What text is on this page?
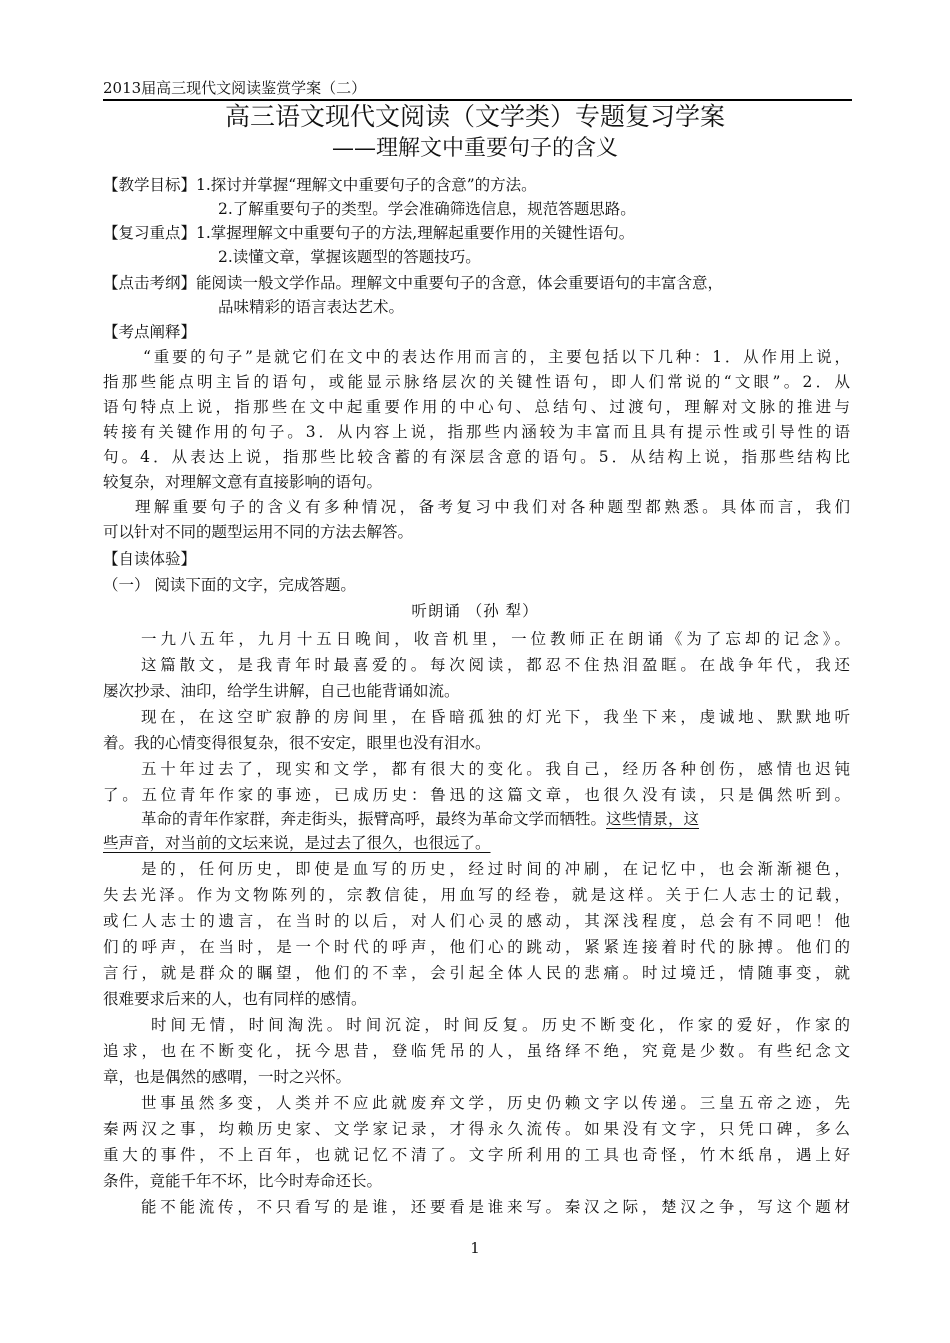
2013届高三现代文阅读鉴赏学案（二）
高三语文现代文阅读（文学类）专题复习学案
——理解文中重要句子的含义
【教学目标】1.探讨并掌握“理解文中重要句子的含意”的方法。
2.了解重要句子的类型。学会准确筛选信息，规范答题思路。
【复习重点】1.掌握理解文中重要句子的方法,理解起重要作用的关键性语句。
2.读懂文章，掌握该题型的答题技巧。
【点击考纲】能阅读一般文学作品。理解文中重要句子的含意，体会重要语句的丰富含意，
品味精彩的语言表达艺术。
【考点阐释】
“重要的句子”是就它们在文中的表达作用而言的，主要包括以下几种：1．从作用上说，
指那些能点明主旨的语句，或能显示脉络层次的关键性语句，即人们常说的“文眼”。2．从
语句特点上说，指那些在文中起重要作用的中心句、总结句、过渡句，理解对文脉的推进与
转接有关键作用的句子。3．从内容上说，指那些内涵较为丰富而且具有提示性或引导性的语
句。4．从表达上说，指那些比较含蓄的有深层含意的语句。5．从结构上说，指那些结构比
较复杂，对理解文意有直接影响的语句。
理解重要句子的含义有多种情况，备考复习中我们对各种题型都熟悉。具体而言，我们
可以针对不同的题型运用不同的方法去解答。
【自读体验】
（一） 阅读下面的文字，完成答题。
听朗诵 （孙 犁）
一九八五年，九月十五日晚间，收音机里，一位教师正在朗诵《为了忘却的记念》。
这篇散文，是我青年时最喜爱的。每次阅读，都忍不住热泪盈眶。在战争年代，我还
屡次抄录、油印，给学生讲解，自己也能背诵如流。
现在，在这空旷寂静的房间里，在昏暗孤独的灯光下，我坐下来，虔诚地、默默地听
着。我的心情变得很复杂，很不安定，眼里也没有泪水。
五十年过去了，现实和文学，都有很大的变化。我自己，经历各种创伤，感情也迟钝
了。五位青年作家的事迹，已成历史：鲁迅的这篇文章，也很久没有读，只是偶然听到。
革命的青年作家群，奔走街头，振臂高呼，最终为革命文学而牺牲。这些情景，这
些声音，对当前的文坛来说，是过去了很久，也很远了。
是的，任何历史，即使是血写的历史，经过时间的冲刷，在记忆中，也会渐渐褪色，
失去光泽。作为文物陈列的，宗教信徒，用血写的经卷，就是这样。关于仁人志士的记载，
或仁人志士的遗言，在当时的以后，对人们心灵的感动，其深浅程度，总会有不同吧！他
们的呼声，在当时，是一个时代的呼声，他们心的跳动，紧紧连接着时代的脉搏。他们的
言行，就是群众的瞩望，他们的不幸，会引起全体人民的悲痛。时过境迁，情随事变，就
很难要求后来的人，也有同样的感情。
时间无情，时间淘洗。时间沉淀，时间反复。历史不断变化，作家的爱好，作家的
追求，也在不断变化，抚今思昔，登临凭吊的人，虽络绎不绝，究竟是少数。有些纪念文
章，也是偶然的感喟，一时之兴怀。
世事虽然多变，人类并不应此就废弃文学，历史仍赖文字以传递。三皇五帝之迹，先
秦两汉之事，均赖历史家、文学家记录，才得永久流传。如果没有文字，只凭口碑，多么
重大的事件，不上百年，也就记忆不清了。文字所利用的工具也奇怪，竹木纸帛，遇上好
条件，竟能千年不坏，比今时寿命还长。
能不能流传，不只看写的是谁，还要看是谁来写。秦汉之际，楚汉之争，写这个题材
1
